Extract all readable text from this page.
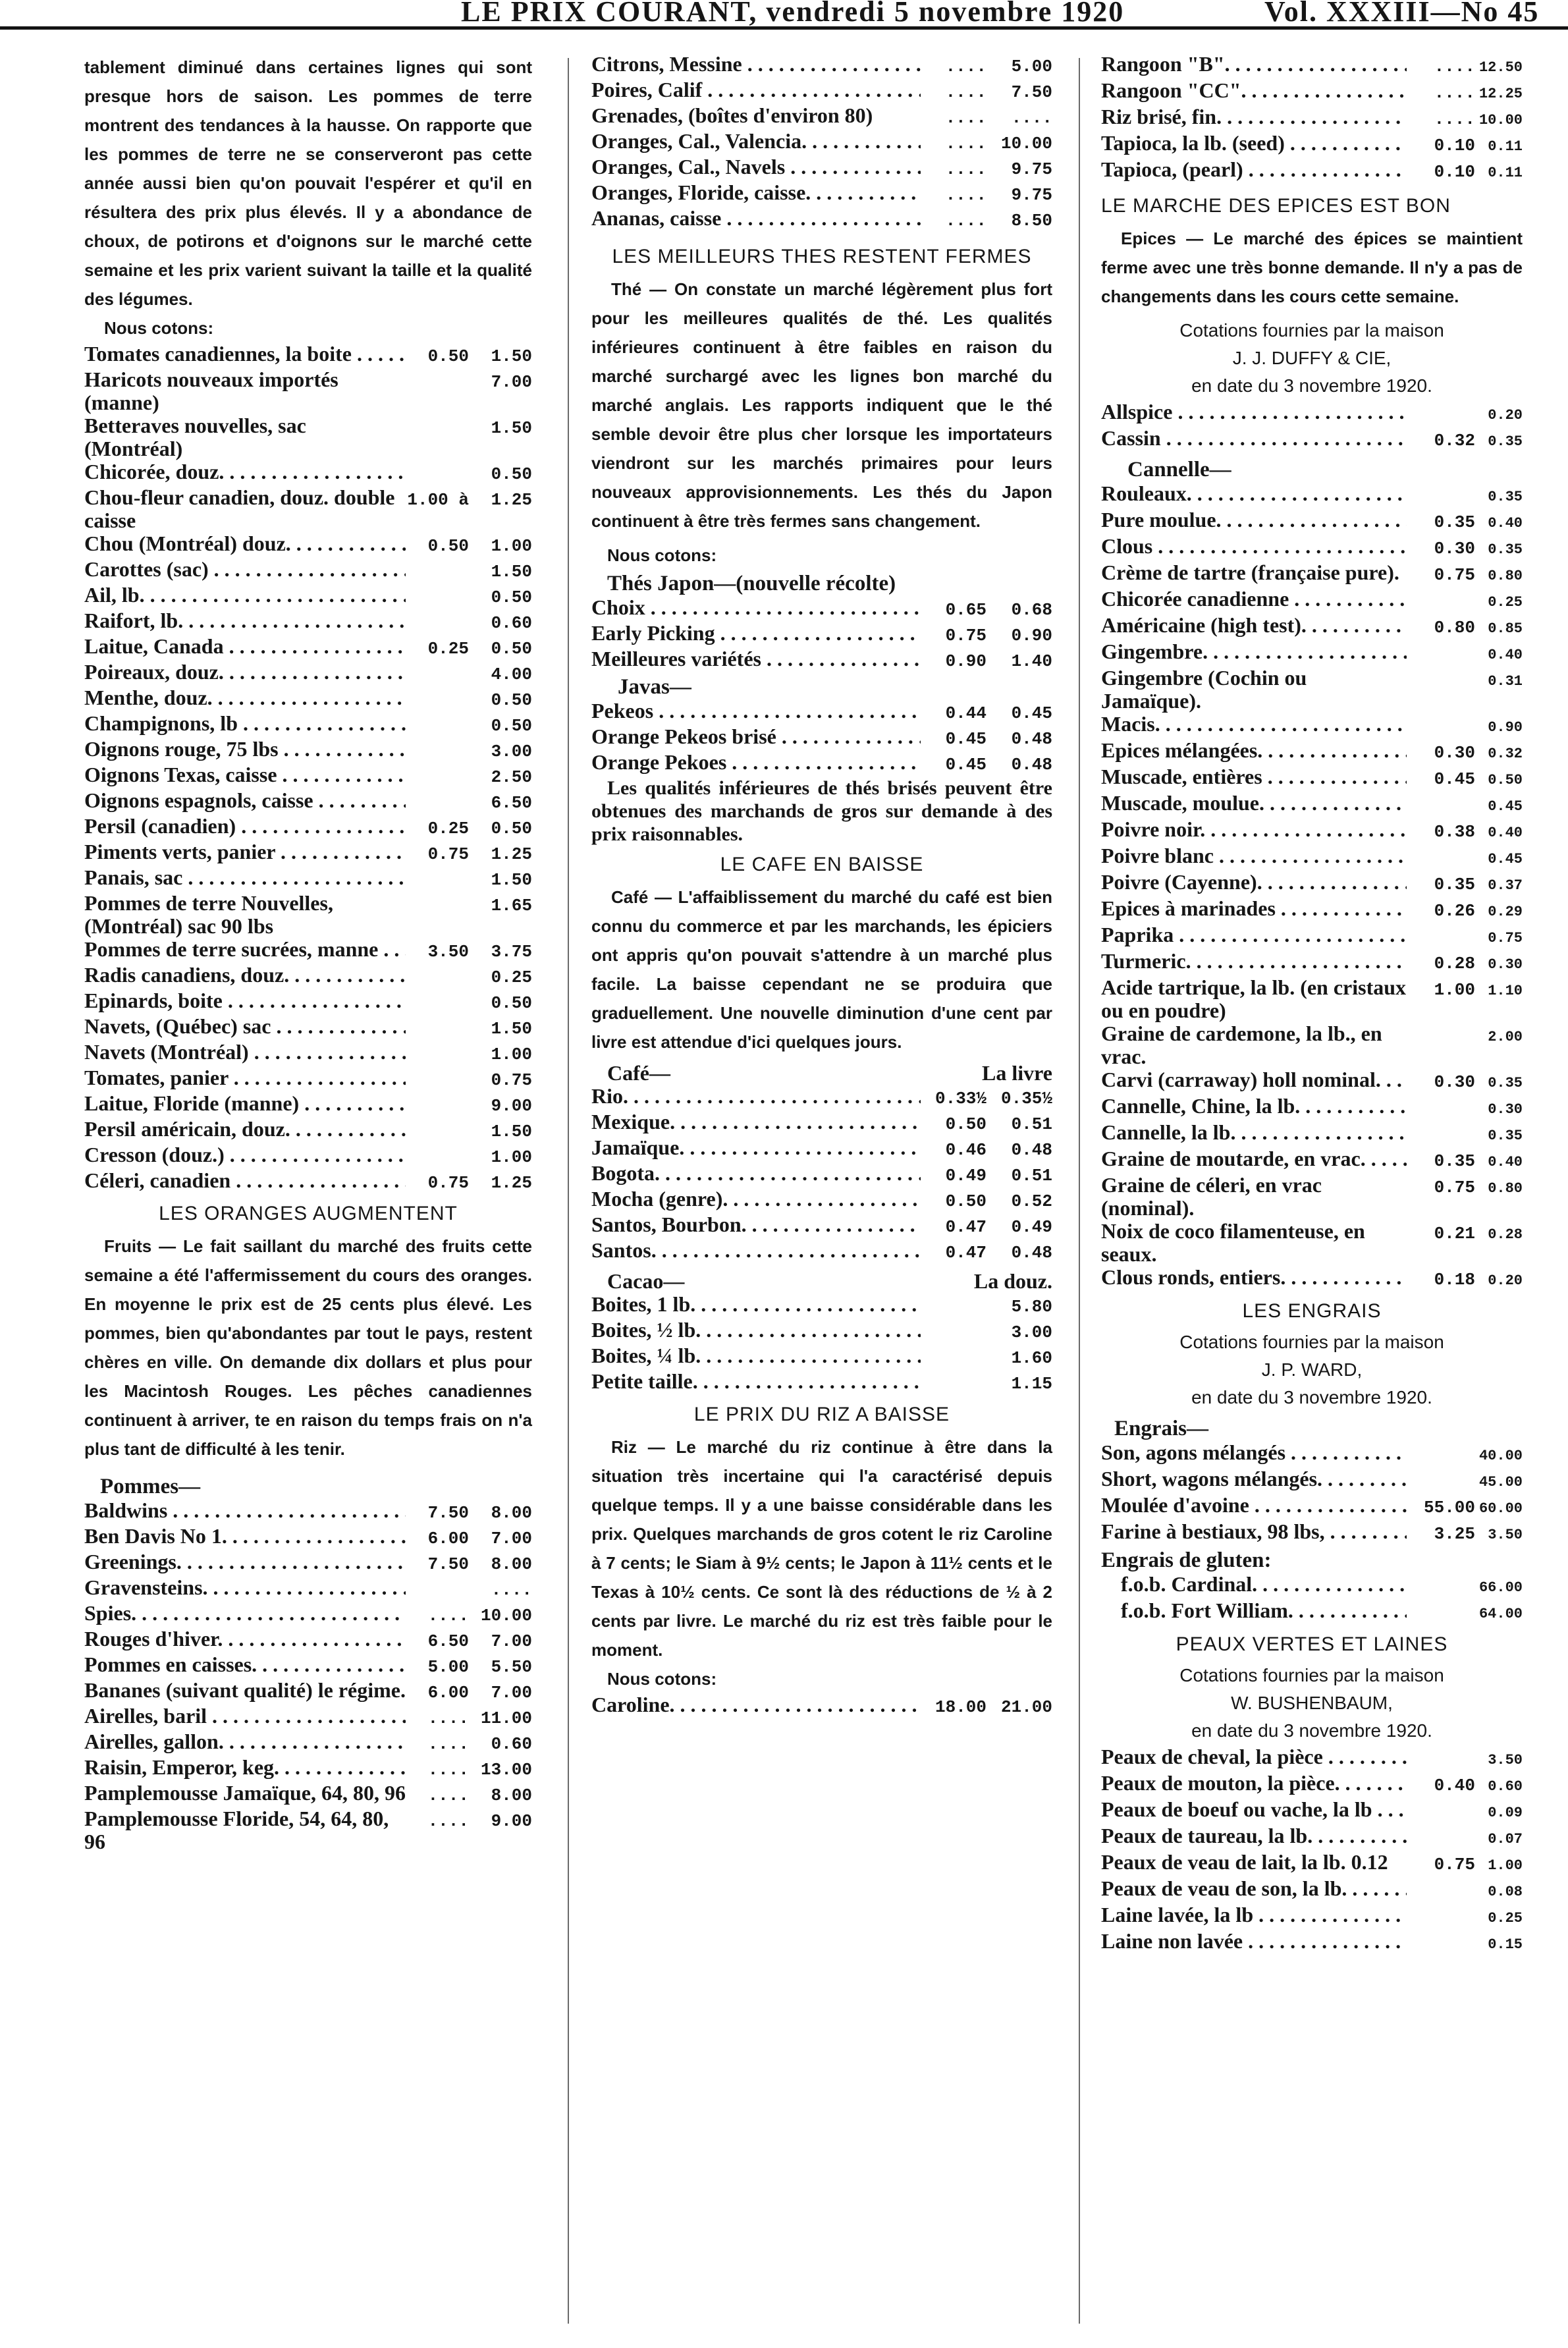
LE PRIX COURANT, vendredi 5 novembre 1920	Vol. XXXIII—No 45

tablement diminué dans certaines lignes qui sont presque hors de saison. Les pommes de terre montrent des tendances à la hausse. On rapporte que les pommes de terre ne se conserveront pas cette année aussi bien qu'on pouvait l'espérer et qu'il en résultera des prix plus élevés. Il y a abondance de choux, de potirons et d'oignons sur le marché cette semaine et les prix varient suivant la taille et la qualité des légumes.

Nous cotons:

Tomates canadiennes, la boite . . .	0.50	1.50
Haricots nouveaux importés (manne)
7.00
Betteraves nouvelles, sac (Montréal)
1.50
Chicorée, douz. . . .	0.50
Chou-fleur canadien, douz. double caisse
1.00 à	1.25
Chou (Montréal) douz. . . .	0.50	1.00
Carottes (sac) . . .	1.50
Ail, lb. . . .	0.50
Raifort, lb. . . .	0.60
Laitue, Canada . . .	0.25	0.50
Poireaux, douz. . . .	4.00
Menthe, douz. . . .	0.50
Champignons, lb . . .	0.50
Oignons rouge, 75 lbs . . .	3.00
Oignons Texas, caisse . . .	2.50
Oignons espagnols, caisse . . .	6.50
Persil (canadien) . . .	0.25	0.50
Piments verts, panier . . .	0.75	1.25
Panais, sac . . .	1.50
Pommes de terre Nouvelles, (Montréal) sac 90 lbs
1.65
Pommes de terre sucrées, manne . . .	3.50	3.75
Radis canadiens, douz. . . .	0.25
Epinards, boite . . .	0.50
Navets, (Québec) sac . . .	1.50
Navets (Montréal) . . .	1.00
Tomates, panier . . .	0.75
Laitue, Floride (manne) . . .	9.00
Persil américain, douz. . . .	1.50
Cresson (douz.) . . .	1.00
Céleri, canadien . . .	0.75	1.25
LES ORANGES AUGMENTENT

Fruits — Le fait saillant du marché des fruits cette semaine a été l'affermissement du cours des oranges. En moyenne le prix est de 25 cents plus élevé. Les pommes, bien qu'abondantes par tout le pays, restent chères en ville. On demande dix dollars et plus pour les Macintosh Rouges. Les pêches canadiennes continuent à arriver, te en raison du temps frais on n'a plus tant de difficulté à les tenir.

Pommes—
Baldwins . . .	7.50	8.00
Ben Davis No 1. . . .	6.00	7.00
Greenings. . . .	7.50	8.00
Gravensteins. . . .	....
Spies. . . .	.... 10.00
Rouges d'hiver. . . .	6.50	7.00
Pommes en caisses. . . .	5.00	5.50
Bananes (suivant qualité) le régime.	6.00	7.00
Airelles, baril . . .	.... 11.00
Airelles, gallon. . . .	....	0.60
Raisin, Emperor, keg. . . .	.... 13.00
Pamplemousse Jamaïque, 64, 80, 96	....	8.00
Pamplemousse Floride, 54, 64, 80, 96
....	9.00
Citrons, Messine . . .	....	5.00
Poires, Calif . . .	....	7.50
Grenades, (boîtes d'environ 80)	....	....
Oranges, Cal., Valencia. . . .	.... 10.00
Oranges, Cal., Navels . . .	....	9.75
Oranges, Floride, caisse. . . .	....	9.75
Ananas, caisse . . .	....	8.50
LES MEILLEURS THES RESTENT FERMES

Thé — On constate un marché légèrement plus fort pour les meilleures qualités de thé. Les qualités inférieures continuent à être faibles en raison du marché surchargé avec les lignes bon marché du marché anglais. Les rapports indiquent que le thé semble devoir être plus cher lorsque les importateurs viendront sur les marchés primaires pour leurs nouveaux approvisionnements. Les thés du Japon continuent à être très fermes sans changement.

Nous cotons:

Thés Japon—(nouvelle récolte)
Choix . . .	0.65	0.68
Early Picking . . .	0.75	0.90
Meilleures variétés . . .	0.90	1.40
Javas—
Pekeos . . .	0.44	0.45
Orange Pekeos brisé . . .	0.45	0.48
Orange Pekoes . . .	0.45	0.48

Les qualités inférieures de thés brisés peuvent être obtenues des marchands de gros sur demande à des prix raisonnables.

LE CAFE EN BAISSE

Café — L'affaiblissement du marché du café est bien connu du commerce et par les marchands, les épiciers ont appris qu'on pouvait s'attendre à un marché plus facile. La baisse cependant ne se produira que graduellement. Une nouvelle diminution d'une cent par livre est attendue d'ici quelques jours.

Café—	La livre
Rio. . . .	0.33½ 0.35½
Mexique. . . .	0.50	0.51
Jamaïque. . . .	0.46	0.48
Bogota. . . .	0.49	0.51
Mocha (genre). . . .	0.50	0.52
Santos, Bourbon. . . .	0.47	0.49
Santos. . . .	0.47	0.48
Cacao—	La douz.
Boites, 1 lb. . . .	5.80
Boites, ½ lb. . . .	3.00
Boites, ¼ lb. . . .	1.60
Petite taille. . . .	1.15
LE PRIX DU RIZ A BAISSE

Riz — Le marché du riz continue à être dans la situation très incertaine qui l'a caractérisé depuis quelque temps. Il y a une baisse considérable dans les prix. Quelques marchands de gros cotent le riz Caroline à 7 cents; le Siam à 9½ cents; le Japon à 11½ cents et le Texas à 10½ cents. Ce sont là des réductions de ½ à 2 cents par livre. Le marché du riz est très faible pour le moment.

Nous cotons:

Caroline. . . .	18.00 21.00
Rangoon "B". . . .	.... 12.50
Rangoon "CC". . . .	.... 12.25
Riz brisé, fin. . . .	.... 10.00
Tapioca, la lb. (seed) . . .	0.10 0.11
Tapioca, (pearl) . . .	0.10 0.11
LE MARCHE DES EPICES EST BON

Epices — Le marché des épices se maintient ferme avec une très bonne demande. Il n'y a pas de changements dans les cours cette semaine.

Cotations fournies par la maison
J. J. DUFFY & CIE,
en date du 3 novembre 1920.
Allspice . . .	0.20
Cassin . . .	0.32 0.35
Cannelle—
Rouleaux. . . .	0.35
Pure moulue. . . .	0.35 0.40
Clous . . .	0.30 0.35
Crème de tartre (française pure).	0.75 0.80
Chicorée canadienne . . .	0.25
Américaine (high test). . . .	0.80 0.85
Gingembre. . . .	0.40
Gingembre (Cochin ou Jamaïque).
0.31
Macis. . . .	0.90
Epices mélangées. . . .	0.30 0.32
Muscade, entières . . .	0.45 0.50
Muscade, moulue. . . .	0.45
Poivre noir. . . .	0.38 0.40
Poivre blanc . . .	0.45
Poivre (Cayenne). . . .	0.35 0.37
Epices à marinades . . .	0.26 0.29
Paprika . . .	0.75
Turmeric. . . .	0.28 0.30
Acide tartrique, la lb. (en cristaux ou en poudre)
1.00 1.10
Graine de cardemone, la lb., en vrac.
2.00
Carvi (carraway) holl nominal. . . .	0.30 0.35
Cannelle, Chine, la lb. . . .	0.30
Cannelle, la lb. . . .	0.35
Graine de moutarde, en vrac. . . .	0.35 0.40
Graine de céleri, en vrac (nominal).
0.75 0.80
Noix de coco filamenteuse, en seaux.
0.21 0.28
Clous ronds, entiers. . . .	0.18 0.20
LES ENGRAIS
Cotations fournies par la maison
J. P. WARD,
en date du 3 novembre 1920.
Engrais—
Son, agons mélangés . . .	40.00
Short, wagons mélangés. . . .	45.00
Moulée d'avoine . . .	55.00 60.00
Farine à bestiaux, 98 lbs, . . .	3.25 3.50
Engrais de gluten:
f.o.b. Cardinal. . . .	66.00
f.o.b. Fort William. . . .	64.00
PEAUX VERTES ET LAINES
Cotations fournies par la maison
W. BUSHENBAUM,
en date du 3 novembre 1920.
Peaux de cheval, la pièce . . .	3.50
Peaux de mouton, la pièce. . . .	0.40 0.60
Peaux de boeuf ou vache, la lb . . .	0.09
Peaux de taureau, la lb. . . .	0.07
Peaux de veau de lait, la lb. 0.12	0.75 1.00
Peaux de veau de son, la lb. . . .	0.08
Laine lavée, la lb . . .	0.25
Laine non lavée . . .	0.15
